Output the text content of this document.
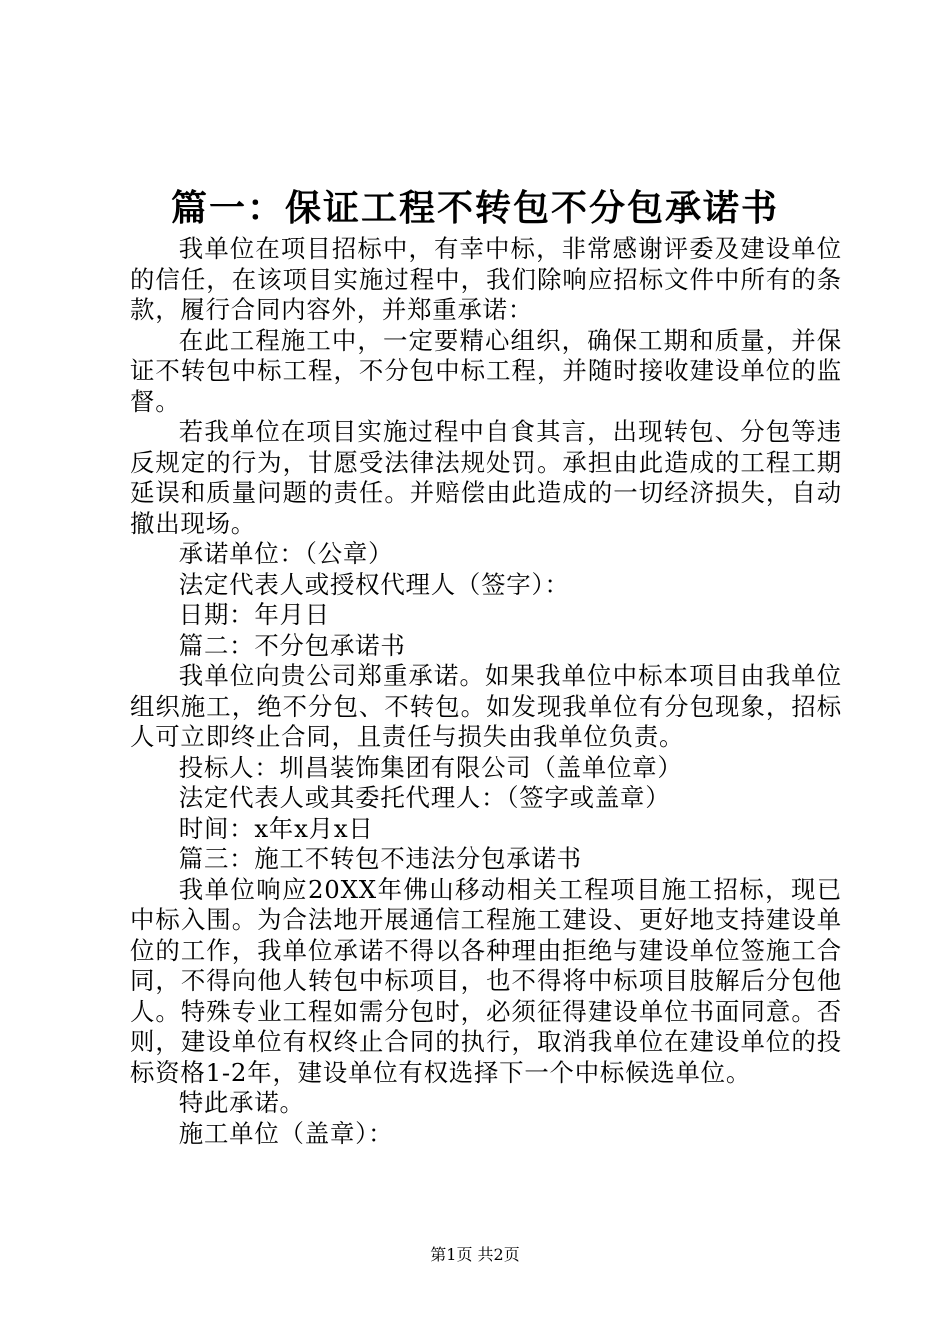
篇一：保证工程不转包不分包承诺书

我单位在项目招标中，有幸中标，非常感谢评委及建设单位的信任，在该项目实施过程中，我们除响应招标文件中所有的条款，履行合同内容外，并郑重承诺：

在此工程施工中，一定要精心组织，确保工期和质量，并保证不转包中标工程，不分包中标工程，并随时接收建设单位的监督。

若我单位在项目实施过程中自食其言，出现转包、分包等违反规定的行为，甘愿受法律法规处罚。承担由此造成的工程工期延误和质量问题的责任。并赔偿由此造成的一切经济损失，自动撤出现场。

承诺单位：（公章）

法定代表人或授权代理人（签字）：

日期：年月日

篇二：不分包承诺书

我单位向贵公司郑重承诺。如果我单位中标本项目由我单位组织施工，绝不分包、不转包。如发现我单位有分包现象，招标人可立即终止合同，且责任与损失由我单位负责。

投标人：圳昌装饰集团有限公司（盖单位章）

法定代表人或其委托代理人：（签字或盖章）

时间：x年x月x日

篇三：施工不转包不违法分包承诺书

我单位响应20XX年佛山移动相关工程项目施工招标，现已中标入围。为合法地开展通信工程施工建设、更好地支持建设单位的工作，我单位承诺不得以各种理由拒绝与建设单位签施工合同，不得向他人转包中标项目，也不得将中标项目肢解后分包他人。特殊专业工程如需分包时，必须征得建设单位书面同意。否则，建设单位有权终止合同的执行，取消我单位在建设单位的投标资格1-2年，建设单位有权选择下一个中标候选单位。

特此承诺。

施工单位（盖章）：

第1页 共2页
